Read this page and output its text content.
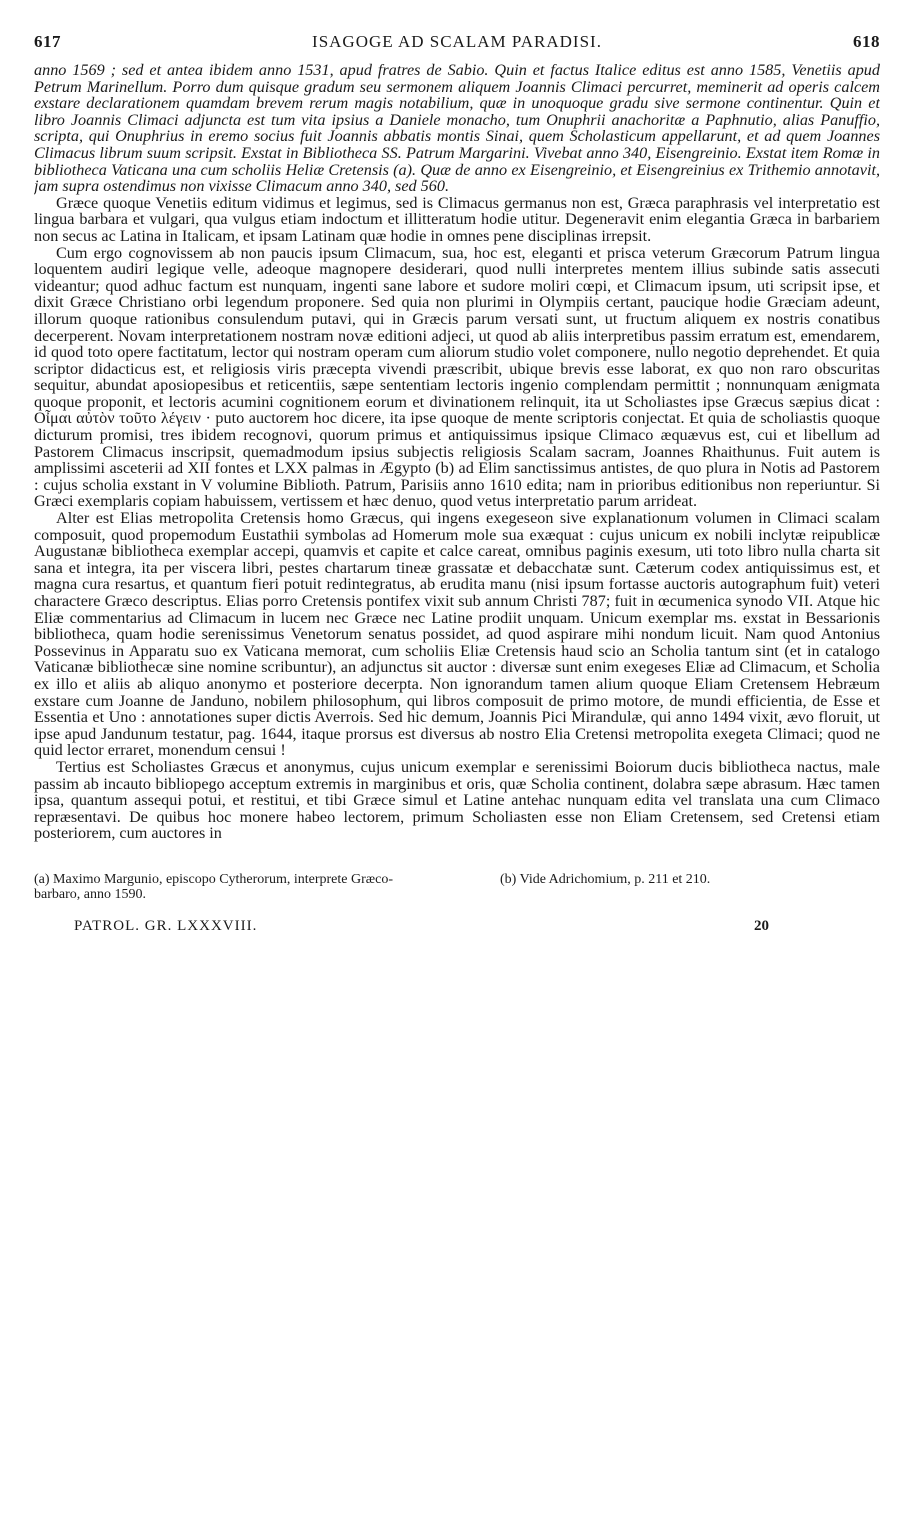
617	ISAGOGE AD SCALAM PARADISI.	618

anno 1569 ; sed et antea ibidem anno 1531, apud fratres de Sabio. Quin et factus Italice editus est anno 1585, Venetiis apud Petrum Marinellum. Porro dum quisque gradum seu sermonem aliquem Joannis Climaci percurret, meminerit ad operis calcem exstare declarationem quamdam brevem rerum magis notabilium, quæ in unoquoque gradu sive sermone continentur. Quin et libro Joannis Climaci adjuncta est tum vita ipsius a Daniele monacho, tum Onuphrii anachoritæ a Paphnutio, alias Panuffio, scripta, qui Onuphrius in eremo socius fuit Joannis abbatis montis Sinai, quem Scholasticum appellarunt, et ad quem Joannes Climacus librum suum scripsit. Exstat in Bibliotheca SS. Patrum Margarini. Vivebat anno 340, Eisengreinio. Exstat item Romæ in bibliotheca Vaticana una cum scholiis Heliæ Cretensis (a). Quæ de anno ex Eisengreinio, et Eisengreinius ex Trithemio annotavit, jam supra ostendimus non vixisse Climacum anno 340, sed 560.

Græce quoque Venetiis editum vidimus et legimus, sed is Climacus germanus non est, Græca paraphrasis vel interpretatio est lingua barbara et vulgari, qua vulgus etiam indoctum et illitteratum hodie utitur. Degeneravit enim elegantia Græca in barbariem non secus ac Latina in Italicam, et ipsam Latinam quæ hodie in omnes pene disciplinas irrepsit.

Cum ergo cognovissem ab non paucis ipsum Climacum, sua, hoc est, eleganti et prisca veterum Græcorum Patrum lingua loquentem audiri legique velle, adeoque magnopere desiderari, quod nulli interpretes mentem illius subinde satis assecuti videantur; quod adhuc factum est nunquam, ingenti sane labore et sudore moliri cœpi, et Climacum ipsum, uti scripsit ipse, et dixit Græce Christiano orbi legendum proponere. Sed quia non plurimi in Olympiis certant, paucique hodie Græciam adeunt, illorum quoque rationibus consulendum putavi, qui in Græcis parum versati sunt, ut fructum aliquem ex nostris conatibus decerperent. Novam interpretationem nostram novæ editioni adjeci, ut quod ab aliis interpretibus passim erratum est, emendarem, id quod toto opere factitatum, lector qui nostram operam cum aliorum studio volet componere, nullo negotio deprehendet. Et quia scriptor didacticus est, et religiosis viris præcepta vivendi præscribit, ubique brevis esse laborat, ex quo non raro obscuritas sequitur, abundat aposiopesibus et reticentiis, sæpe sententiam lectoris ingenio complendam permittit ; nonnunquam ænigmata quoque proponit, et lectoris acumini cognitionem eorum et divinationem relinquit, ita ut Scholiastes ipse Græcus sæpius dicat : Οἶμαι αὐτὸν τοῦτο λέγειν · puto auctorem hoc dicere, ita ipse quoque de mente scriptoris conjectat. Et quia de scholiastis quoque dicturum promisi, tres ibidem recognovi, quorum primus et antiquissimus ipsique Climaco æquævus est, cui et libellum ad Pastorem Climacus inscripsit, quemadmodum ipsius subjectis religiosis Scalam sacram, Joannes Rhaithunus. Fuit autem is amplissimi asceterii ad XII fontes et LXX palmas in Ægypto (b) ad Elim sanctissimus antistes, de quo plura in Notis ad Pastorem : cujus scholia exstant in V volumine Biblioth. Patrum, Parisiis anno 1610 edita; nam in prioribus editionibus non reperiuntur. Si Græci exemplaris copiam habuissem, vertissem et hæc denuo, quod vetus interpretatio parum arrideat.

Alter est Elias metropolita Cretensis homo Græcus, qui ingens exegeseon sive explanationum volumen in Climaci scalam composuit, quod propemodum Eustathii symbolas ad Homerum mole sua exæquat : cujus unicum ex nobili inclytæ reipublicæ Augustanæ bibliotheca exemplar accepi, quamvis et capite et calce careat, omnibus paginis exesum, uti toto libro nulla charta sit sana et integra, ita per viscera libri, pestes chartarum tineæ grassatæ et debacchatæ sunt. Cæterum codex antiquissimus est, et magna cura resartus, et quantum fieri potuit redintegratus, ab erudita manu (nisi ipsum fortasse auctoris autographum fuit) veteri charactere Græco descriptus. Elias porro Cretensis pontifex vixit sub annum Christi 787; fuit in œcumenica synodo VII. Atque hic Eliæ commentarius ad Climacum in lucem nec Græce nec Latine prodiit unquam. Unicum exemplar ms. exstat in Bessarionis bibliotheca, quam hodie serenissimus Venetorum senatus possidet, ad quod aspirare mihi nondum licuit. Nam quod Antonius Possevinus in Apparatu suo ex Vaticana memorat, cum scholiis Eliæ Cretensis haud scio an Scholia tantum sint (et in catalogo Vaticanæ bibliothecæ sine nomine scribuntur), an adjunctus sit auctor : diversæ sunt enim exegeses Eliæ ad Climacum, et Scholia ex illo et aliis ab aliquo anonymo et posteriore decerpta. Non ignorandum tamen alium quoque Eliam Cretensem Hebræum exstare cum Joanne de Janduno, nobilem philosophum, qui libros composuit de primo motore, de mundi efficientia, de Esse et Essentia et Uno : annotationes super dictis Averrois. Sed hic demum, Joannis Pici Mirandulæ, qui anno 1494 vixit, ævo floruit, ut ipse apud Jandunum testatur, pag. 1644, itaque prorsus est diversus ab nostro Elia Cretensi metropolita exegeta Climaci; quod ne quid lector erraret, monendum censui !

Tertius est Scholiastes Græcus et anonymus, cujus unicum exemplar e serenissimi Boiorum ducis bibliotheca nactus, male passim ab incauto bibliopego acceptum extremis in marginibus et oris, quæ Scholia continent, dolabra sæpe abrasum. Hæc tamen ipsa, quantum assequi potui, et restitui, et tibi Græce simul et Latine antehac nunquam edita vel translata una cum Climaco repræsentavi. De quibus hoc monere habeo lectorem, primum Scholiasten esse non Eliam Cretensem, sed Cretensi etiam posteriorem, cum auctores in

(a) Maximo Margunio, episcopo Cytherorum, interprete Græco-barbaro, anno 1590.
(b) Vide Adrichomium, p. 211 et 210.
PATROL. GR. LXXXVIII.	20
